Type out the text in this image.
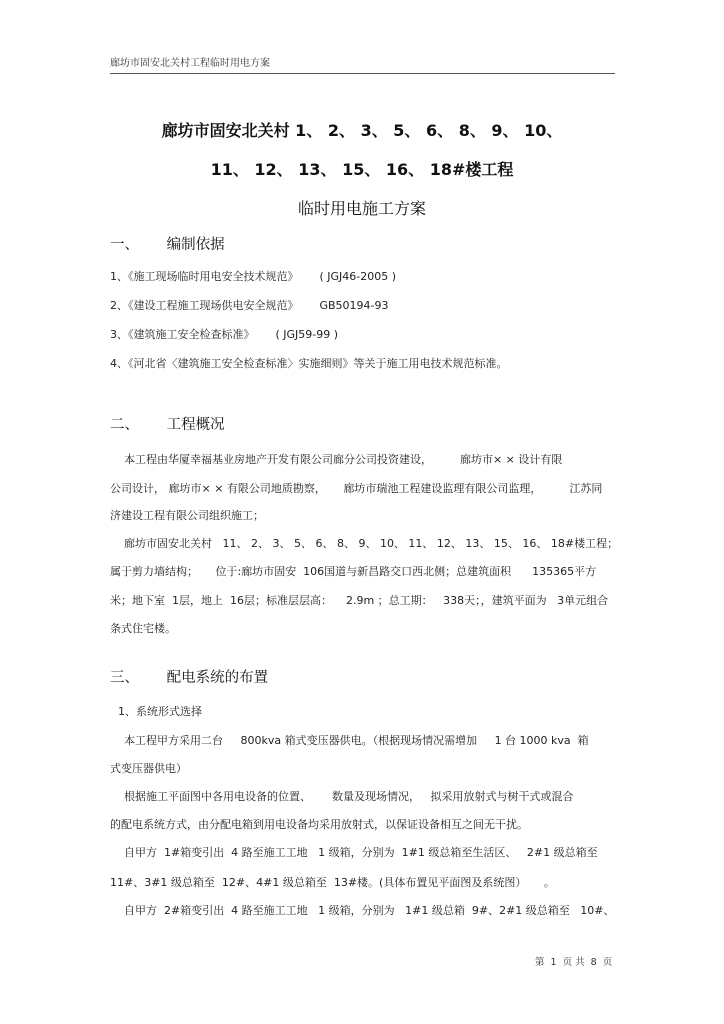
廊坊市固安北关村工程临时用电方案
廊坊市固安北关村 1、 2、 3、 5、 6、 8、 9、 10、
11、 12、 13、 15、 16、 18#楼工程
临时用电施工方案
一、      编制依据
1、《施工现场临时用电安全技术规范》      ( JGJ46-2005 )
2、《建设工程施工现场供电安全规范》      GB50194-93
3、《建筑施工安全检查标准》      ( JGJ59-99 )
4、《河北省〈建筑施工安全检查标准〉实施细则》等关于施工用电技术规范标准。
二、      工程概况
本工程由华厦幸福基业房地产开发有限公司廊分公司投资建设，        廊坊市× × 设计有限
公司设计， 廊坊市× × 有限公司地质勘察，     廊坊市瑞池工程建设监理有限公司监理，        江苏同
济建设工程有限公司组织施工；
廊坊市固安北关村   11、 2、 3、 5、 6、 8、 9、 10、 11、 12、 13、 15、 16、 18#楼工程；
属于剪力墙结构；     位于:廊坊市固安  106国道与新昌路交口西北侧；总建筑面积      135365平方
米；地下室  1层，地上  16层；标准层层高：    2.9m ；总工期：   338天；，建筑平面为   3单元组合
条式住宅楼。
三、      配电系统的布置
1、系统形式选择
本工程甲方采用二台     800kva 箱式变压器供电。（根据现场情况需增加     1 台 1000 kva  箱
式变压器供电）
根据施工平面图中各用电设备的位置、      数量及现场情况，   拟采用放射式与树干式或混合
的配电系统方式，由分配电箱到用电设备均采用放射式，以保证设备相互之间无干扰。
自甲方  1#箱变引出  4 路至施工工地   1 级箱，分别为  1#1 级总箱至生活区、   2#1 级总箱至
11#、3#1 级总箱至  12#、4#1 级总箱至  13#楼。(具体布置见平面图及系统图）     。
自甲方  2#箱变引出  4 路至施工工地   1 级箱，分别为   1#1 级总箱  9#、2#1 级总箱至   10#、
第  1  页 共  8  页
